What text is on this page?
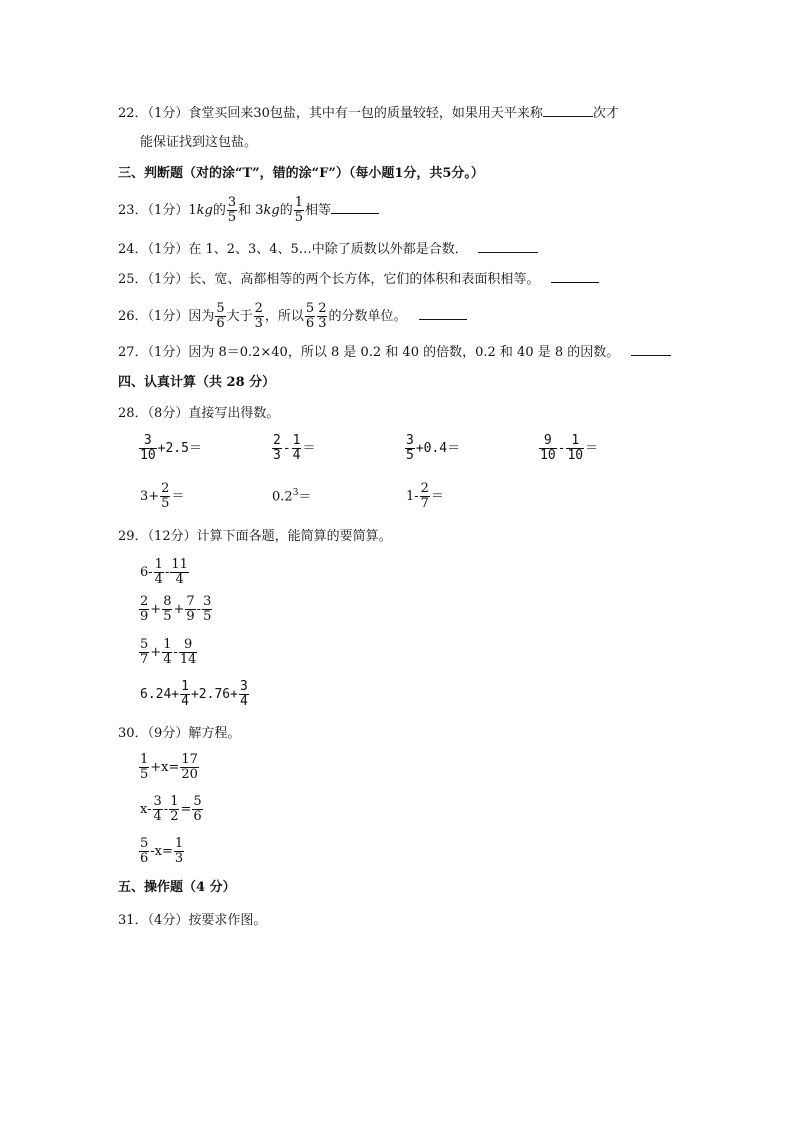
22．（1分）食堂买回来30包盐，其中有一包的质量较轻，如果用天平来称	次才
能保证找到这包盐。
三、判断题（对的涂“T”，错的涂“F”）（每小题1分，共5分。）
23．（1分）1kg的 $\frac{3}{5}$ 和 3kg的 $\frac{1}{5}$ 相等
24．（1分）在 1、2、3、4、5…中除了质数以外都是合数．
25．（1分）长、宽、高都相等的两个长方体，它们的体积和表面积相等。
26．（1分）因为 $\frac{5}{6}$ 大于 $\frac{2}{3}$ ，所以 $\frac{5}{6} \frac{2}{3}$ 的分数单位。
27．（1分）因为 8＝0.2×40，所以 8 是 0.2 和 40 的倍数，0.2 和 40 是 8 的因数。
四、认真计算（共 28 分）
28．（8分）直接写出得数。
$\frac{3}{10} +2.5=$	$\frac{2}{3} - \frac{1}{4}$ ＝	$\frac{3}{5} +0.4=$	$\frac{9}{10} - \frac{1}{10}$ ＝
$3+ \frac{2}{5}$ ＝	$0.2^3=$	$1- \frac{2}{7}$ ＝
29．（12分）计算下面各题，能简算的要简算。
$6- \frac{1}{4} - \frac{11}{4}$
$\frac{2}{9} + \frac{8}{5} + \frac{7}{9} - \frac{3}{5}$
$\frac{5}{7} + \frac{1}{4} - \frac{9}{14}$
$6.24+ \frac{1}{4} +2.76+ \frac{3}{4}$
30．（9分）解方程。
$\frac{1}{5} +x= \frac{17}{20}$
$x- \frac{3}{4} - \frac{1}{2} = \frac{5}{6}$
$\frac{5}{6} -x= \frac{1}{3}$
五、操作题（4 分）
31．（4分）按要求作图。
